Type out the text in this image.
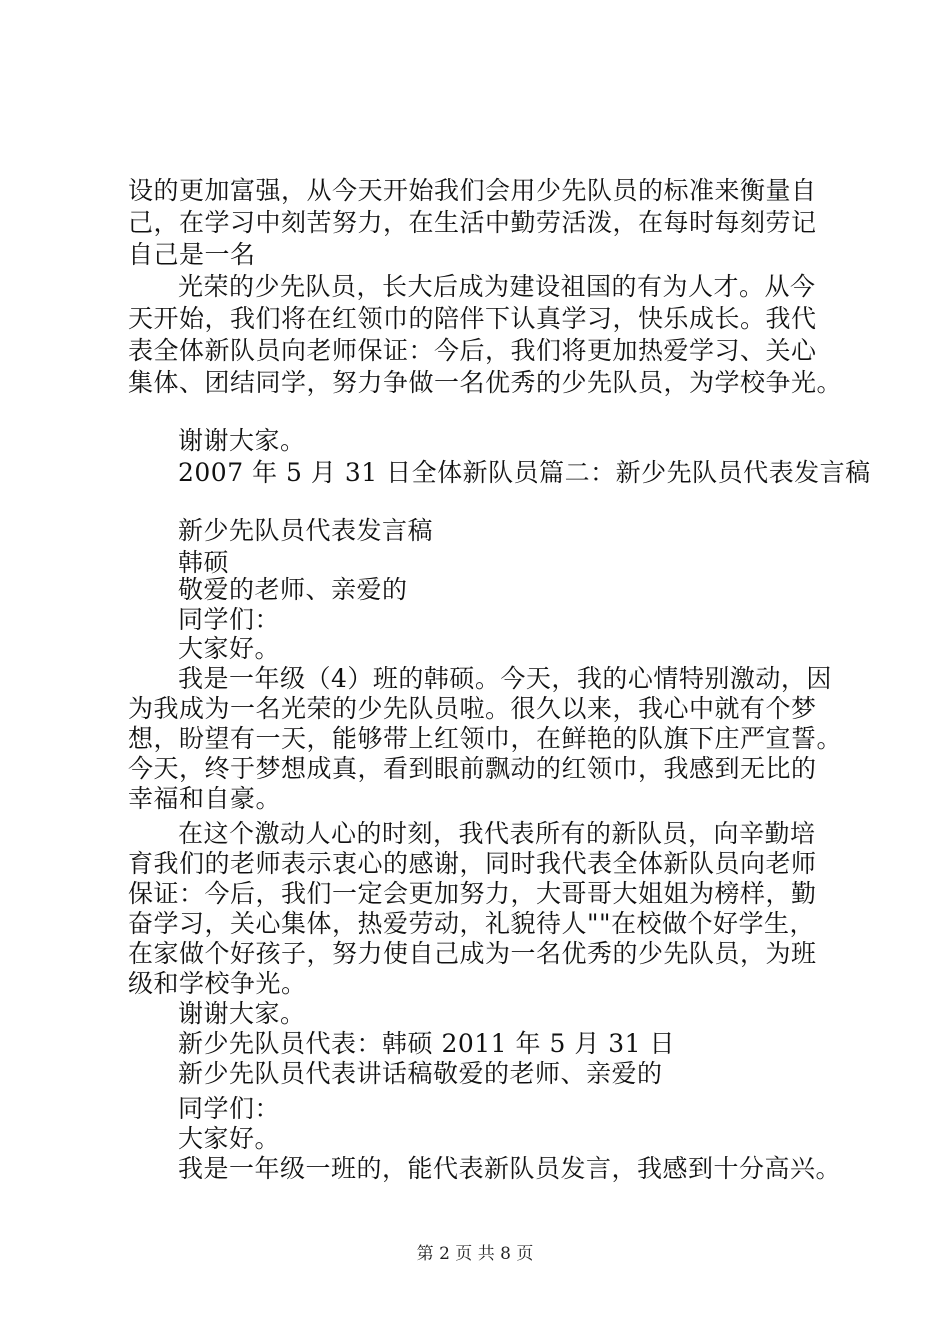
设的更加富强，从今天开始我们会用少先队员的标准来衡量自
己，在学习中刻苦努力，在生活中勤劳活泼，在每时每刻劳记
自己是一名
光荣的少先队员，长大后成为建设祖国的有为人才。从今
天开始，我们将在红领巾的陪伴下认真学习，快乐成长。我代
表全体新队员向老师保证：今后，我们将更加热爱学习、关心
集体、团结同学，努力争做一名优秀的少先队员，为学校争光。
谢谢大家。
2007 年 5 月 31 日全体新队员篇二：新少先队员代表发言稿
新少先队员代表发言稿
韩硕
敬爱的老师、亲爱的
同学们：
大家好。
我是一年级（4）班的韩硕。今天，我的心情特别激动，因
为我成为一名光荣的少先队员啦。很久以来，我心中就有个梦
想，盼望有一天，能够带上红领巾，在鲜艳的队旗下庄严宣誓。
今天，终于梦想成真，看到眼前飘动的红领巾，我感到无比的
幸福和自豪。
在这个激动人心的时刻，我代表所有的新队员，向辛勤培
育我们的老师表示衷心的感谢，同时我代表全体新队员向老师
保证：今后，我们一定会更加努力，大哥哥大姐姐为榜样，勤
奋学习，关心集体，热爱劳动，礼貌待人""在校做个好学生，
在家做个好孩子，努力使自己成为一名优秀的少先队员，为班
级和学校争光。
谢谢大家。
新少先队员代表：韩硕 2011 年 5 月 31 日
新少先队员代表讲话稿敬爱的老师、亲爱的
同学们：
大家好。
我是一年级一班的，能代表新队员发言，我感到十分高兴。
第 2 页 共 8 页
